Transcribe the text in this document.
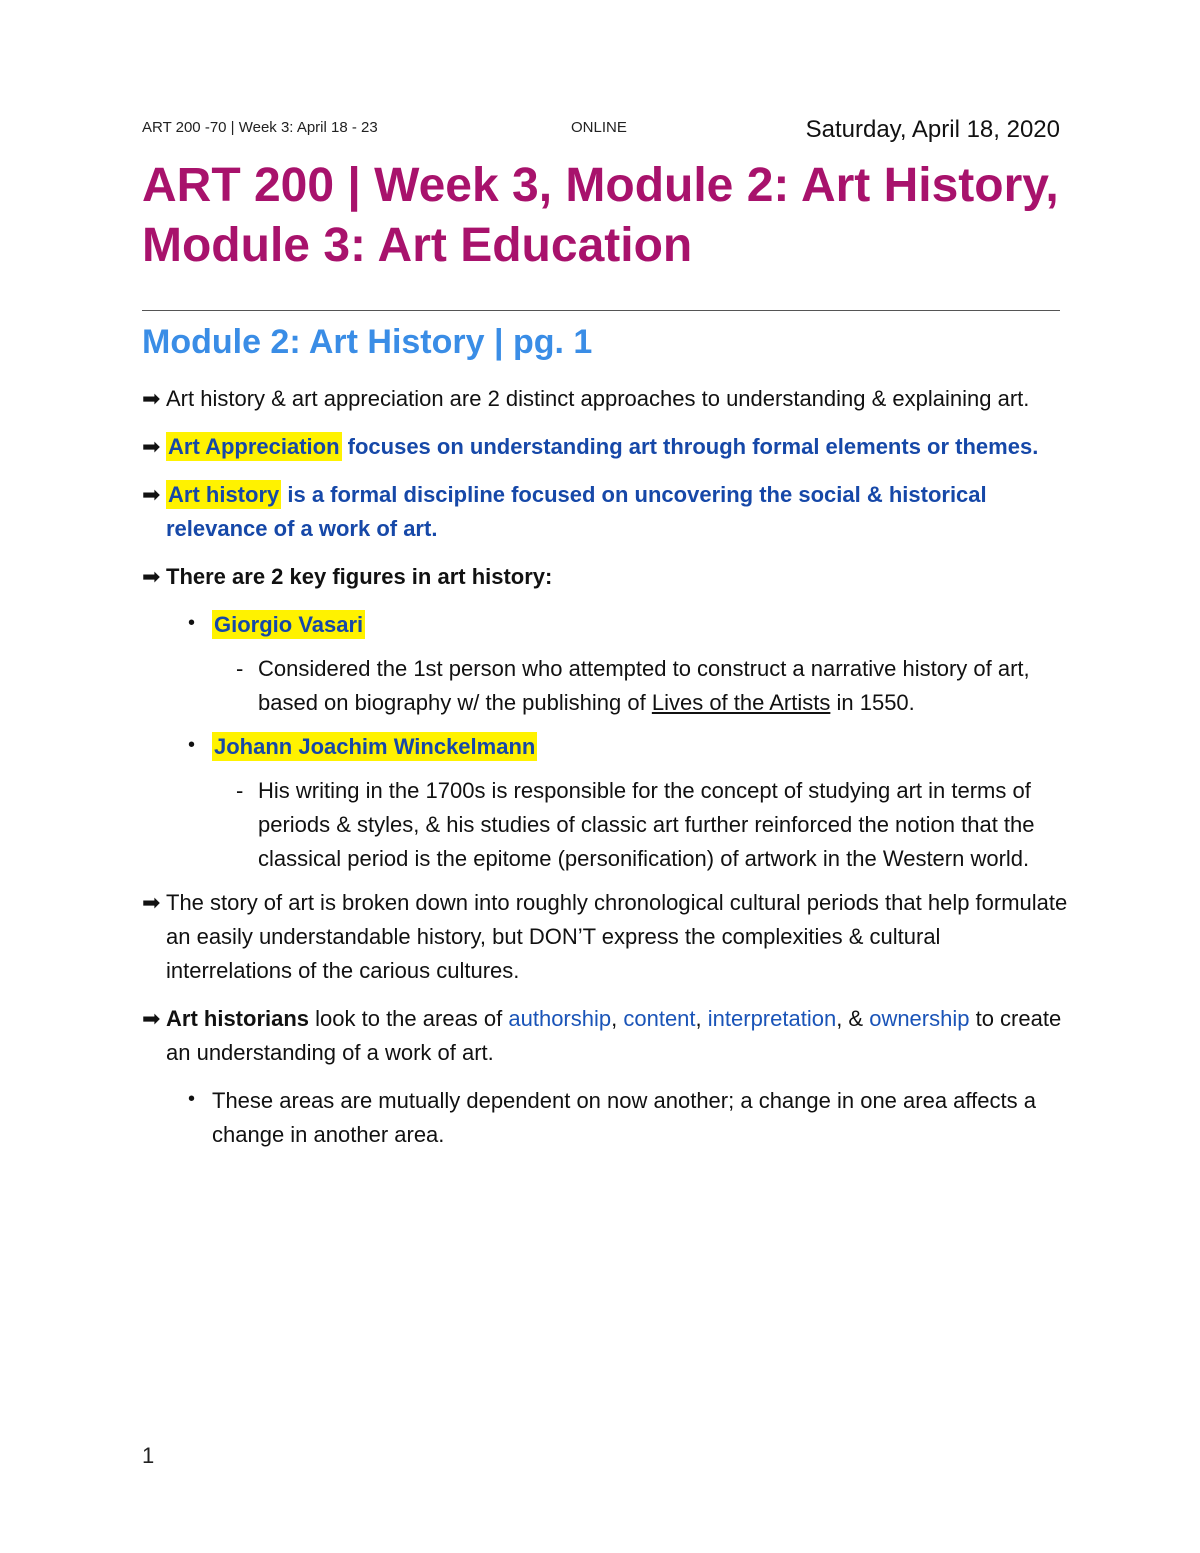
ART 200 -70 | Week 3: April 18 - 23	ONLINE	Saturday, April 18, 2020
ART 200 | Week 3, Module 2: Art History, Module 3: Art Education
Module 2: Art History | pg. 1
➡ Art history & art appreciation are 2 distinct approaches to understanding & explaining art.
➡ Art Appreciation focuses on understanding art through formal elements or themes.
➡ Art history is a formal discipline focused on uncovering the social & historical relevance of a work of art.
➡ There are 2 key figures in art history:
• Giorgio Vasari
- Considered the 1st person who attempted to construct a narrative history of art, based on biography w/ the publishing of Lives of the Artists in 1550.
• Johann Joachim Winckelmann
- His writing in the 1700s is responsible for the concept of studying art in terms of periods & styles, & his studies of classic art further reinforced the notion that the classical period is the epitome (personification) of artwork in the Western world.
➡ The story of art is broken down into roughly chronological cultural periods that help formulate an easily understandable history, but DON’T express the complexities & cultural interrelations of the carious cultures.
➡ Art historians look to the areas of authorship, content, interpretation, & ownership to create an understanding of a work of art.
• These areas are mutually dependent on now another; a change in one area affects a change in another area.
1
